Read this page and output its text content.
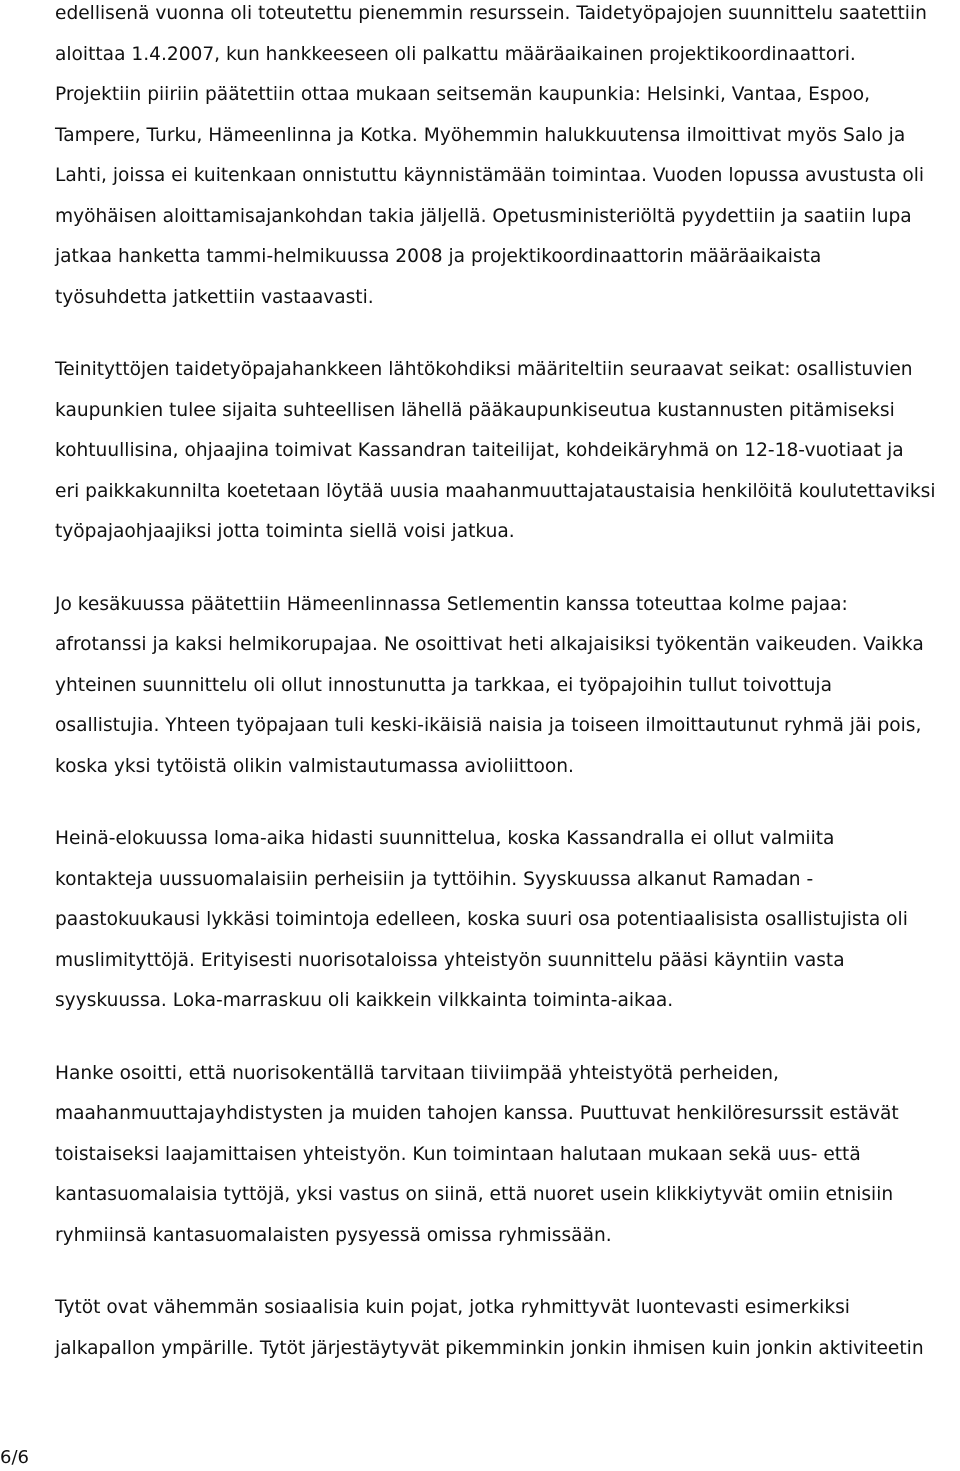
edellisenä vuonna oli toteutettu pienemmin resurssein. Taidetyöpajojen suunnittelu saatettiin
aloittaa 1.4.2007, kun hankkeeseen oli palkattu määräaikainen projektikoordinaattori.
Projektiin piiriin päätettiin ottaa mukaan seitsemän kaupunkia: Helsinki, Vantaa, Espoo,
Tampere, Turku, Hämeenlinna ja Kotka. Myöhemmin halukkuutensa ilmoittivat myös Salo ja
Lahti, joissa ei kuitenkaan onnistuttu käynnistämään toimintaa. Vuoden lopussa avustusta oli
myöhäisen aloittamisajankohdan takia jäljellä. Opetusministeriöltä pyydettiin ja saatiin lupa
jatkaa hanketta tammi-helmikuussa 2008 ja projektikoordinaattorin määräaikaista
työsuhdetta jatkettiin vastaavasti.
Teinityttöjen taidetyöpajahankkeen lähtökohdiksi määriteltiin seuraavat seikat: osallistuvien
kaupunkien tulee sijaita suhteellisen lähellä pääkaupunkiseutua kustannusten pitämiseksi
kohtuullisina, ohjaajina toimivat Kassandran taiteilijat, kohdeikäryhmä on 12-18-vuotiaat ja
eri paikkakunnilta koetetaan löytää uusia maahanmuuttajataustaisia henkilöitä koulutettaviksi
työpajaohjaajiksi jotta toiminta siellä voisi jatkua.
Jo kesäkuussa päätettiin Hämeenlinnassa Setlementin kanssa toteuttaa kolme pajaa:
afrotanssi ja kaksi helmikorupajaa. Ne osoittivat heti alkajaisiksi työkentän vaikeuden. Vaikka
yhteinen suunnittelu oli ollut innostunutta ja tarkkaa, ei työpajoihin tullut toivottuja
osallistujia. Yhteen työpajaan tuli keski-ikäisiä naisia ja toiseen ilmoittautunut ryhmä jäi pois,
koska yksi tytöistä olikin valmistautumassa avioliittoon.
Heinä-elokuussa loma-aika hidasti suunnittelua, koska Kassandralla ei ollut valmiita
kontakteja uussuomalaisiin perheisiin ja tyttöihin. Syyskuussa alkanut Ramadan -
paastokuukausi lykkäsi toimintoja edelleen, koska suuri osa potentiaalisista osallistujista oli
muslimityttöjä. Erityisesti nuorisotaloissa yhteistyön suunnittelu pääsi käyntiin vasta
syyskuussa. Loka-marraskuu oli kaikkein vilkkainta toiminta-aikaa.
Hanke osoitti, että nuorisokentällä tarvitaan tiiviimpää yhteistyötä perheiden,
maahanmuuttajayhdistysten ja muiden tahojen kanssa. Puuttuvat henkilöresurssit estävät
toistaiseksi laajamittaisen yhteistyön. Kun toimintaan halutaan mukaan sekä uus- että
kantasuomalaisia tyttöjä, yksi vastus on siinä, että nuoret usein klikkiytyvät omiin etnisiin
ryhmiinsä kantasuomalaisten pysyessä omissa ryhmissään.
Tytöt ovat vähemmän sosiaalisia kuin pojat, jotka ryhmittyvät luontevasti esimerkiksi
jalkapallon ympärille. Tytöt järjestäytyvät pikemminkin jonkin ihmisen kuin jonkin aktiviteetin
6/6
